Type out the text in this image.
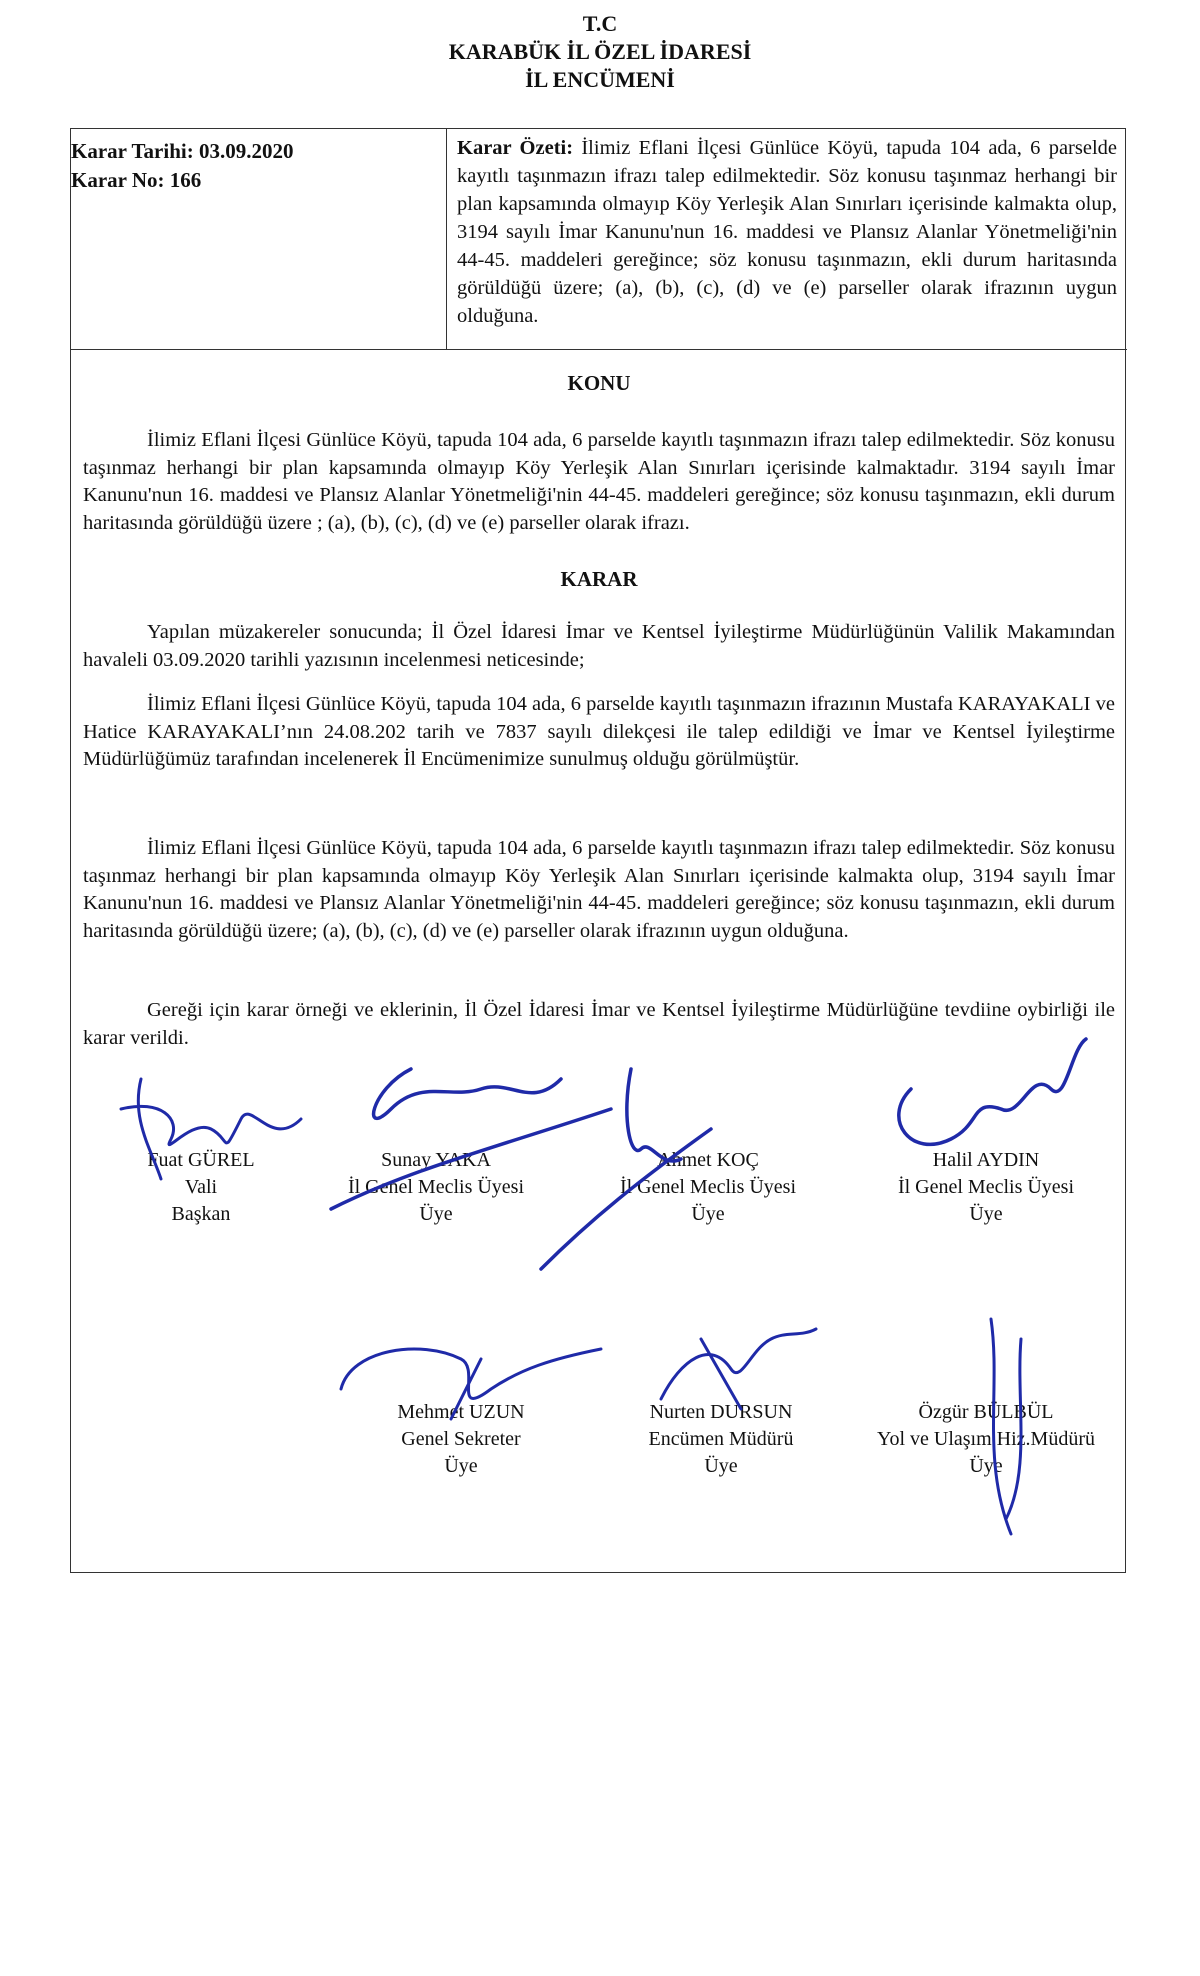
T.C
KARABÜK İL ÖZEL İDARESİ
İL ENCÜMENİ
Karar Tarihi: 03.09.2020
Karar No: 166
Karar Özeti: İlimiz Eflani İlçesi Günlüce Köyü, tapuda 104 ada, 6 parselde kayıtlı taşınmazın ifrazı talep edilmektedir. Söz konusu taşınmaz herhangi bir plan kapsamında olmayıp Köy Yerleşik Alan Sınırları içerisinde kalmakta olup, 3194 sayılı İmar Kanunu'nun 16. maddesi ve Plansız Alanlar Yönetmeliği'nin 44-45. maddeleri gereğince; söz konusu taşınmazın, ekli durum haritasında görüldüğü üzere; (a), (b), (c), (d) ve (e) parseller olarak ifrazının uygun olduğuna.
KONU
İlimiz Eflani İlçesi Günlüce Köyü, tapuda 104 ada, 6 parselde kayıtlı taşınmazın ifrazı talep edilmektedir. Söz konusu taşınmaz herhangi bir plan kapsamında olmayıp Köy Yerleşik Alan Sınırları içerisinde kalmaktadır. 3194 sayılı İmar Kanunu'nun 16. maddesi ve Plansız Alanlar Yönetmeliği'nin 44-45. maddeleri gereğince; söz konusu taşınmazın, ekli durum haritasında görüldüğü üzere ; (a), (b), (c), (d) ve (e) parseller olarak ifrazı.
KARAR
Yapılan müzakereler sonucunda; İl Özel İdaresi İmar ve Kentsel İyileştirme Müdürlüğünün Valilik Makamından havaleli 03.09.2020 tarihli yazısının incelenmesi neticesinde;
İlimiz Eflani İlçesi Günlüce Köyü, tapuda 104 ada, 6 parselde kayıtlı taşınmazın ifrazının Mustafa KARAYAKALI ve Hatice KARAYAKALI’nın 24.08.202 tarih ve 7837 sayılı dilekçesi ile talep edildiği ve İmar ve Kentsel İyileştirme Müdürlüğümüz tarafından incelenerek İl Encümenimize sunulmuş olduğu görülmüştür.
İlimiz Eflani İlçesi Günlüce Köyü, tapuda 104 ada, 6 parselde kayıtlı taşınmazın ifrazı talep edilmektedir. Söz konusu taşınmaz herhangi bir plan kapsamında olmayıp Köy Yerleşik Alan Sınırları içerisinde kalmakta olup, 3194 sayılı İmar Kanunu'nun 16. maddesi ve Plansız Alanlar Yönetmeliği'nin 44-45. maddeleri gereğince; söz konusu taşınmazın, ekli durum haritasında görüldüğü üzere; (a), (b), (c), (d) ve (e) parseller olarak ifrazının uygun olduğuna.
Gereği için karar örneği ve eklerinin, İl Özel İdaresi İmar ve Kentsel İyileştirme Müdürlüğüne tevdiine oybirliği ile karar verildi.
Fuat GÜREL
Vali
Başkan
Sunay YAKA
İl Genel Meclis Üyesi
Üye
Ahmet KOÇ
İl Genel Meclis Üyesi
Üye
Halil AYDIN
İl Genel Meclis Üyesi
Üye
Mehmet UZUN
Genel Sekreter
Üye
Nurten DURSUN
Encümen Müdürü
Üye
Özgür BÜLBÜL
Yol ve Ulaşım Hiz.Müdürü
Üye
